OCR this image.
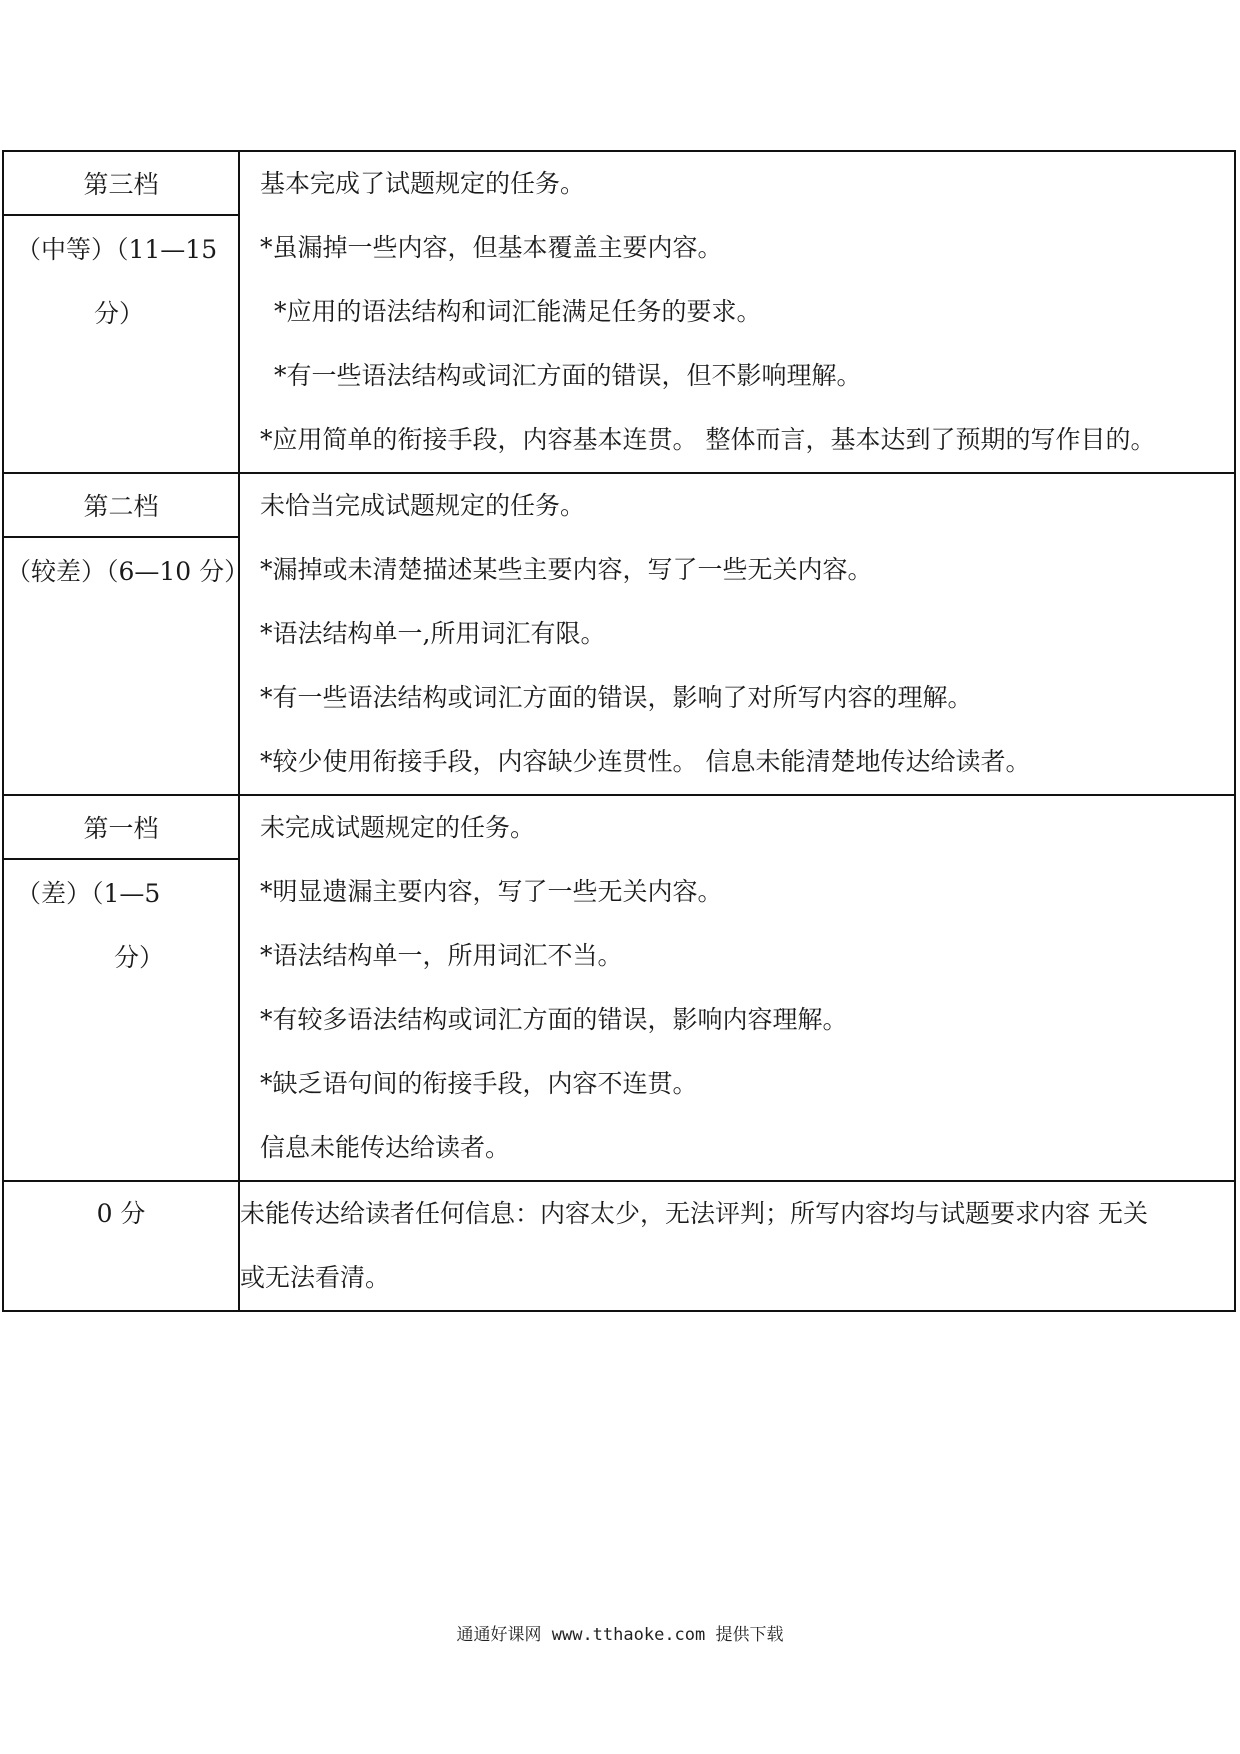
第三档
（中等）（11—15
分）
基本完成了试题规定的任务。
*虽漏掉一些内容，但基本覆盖主要内容。
*应用的语法结构和词汇能满足任务的要求。
*有一些语法结构或词汇方面的错误，但不影响理解。
*应用简单的衔接手段，内容基本连贯。 整体而言，基本达到了预期的写作目的。
第二档
（较差）（6—10 分）
未恰当完成试题规定的任务。
*漏掉或未清楚描述某些主要内容，写了一些无关内容。
*语法结构单一,所用词汇有限。
*有一些语法结构或词汇方面的错误，影响了对所写内容的理解。
*较少使用衔接手段，内容缺少连贯性。 信息未能清楚地传达给读者。
第一档
（差）（1—5
分）
未完成试题规定的任务。
*明显遗漏主要内容，写了一些无关内容。
*语法结构单一，所用词汇不当。
*有较多语法结构或词汇方面的错误，影响内容理解。
*缺乏语句间的衔接手段，内容不连贯。
信息未能传达给读者。
0 分	未能传达给读者任何信息：内容太少，无法评判；所写内容均与试题要求内容 无关
或无法看清。
通通好课网 www.tthaoke.com 提供下载
